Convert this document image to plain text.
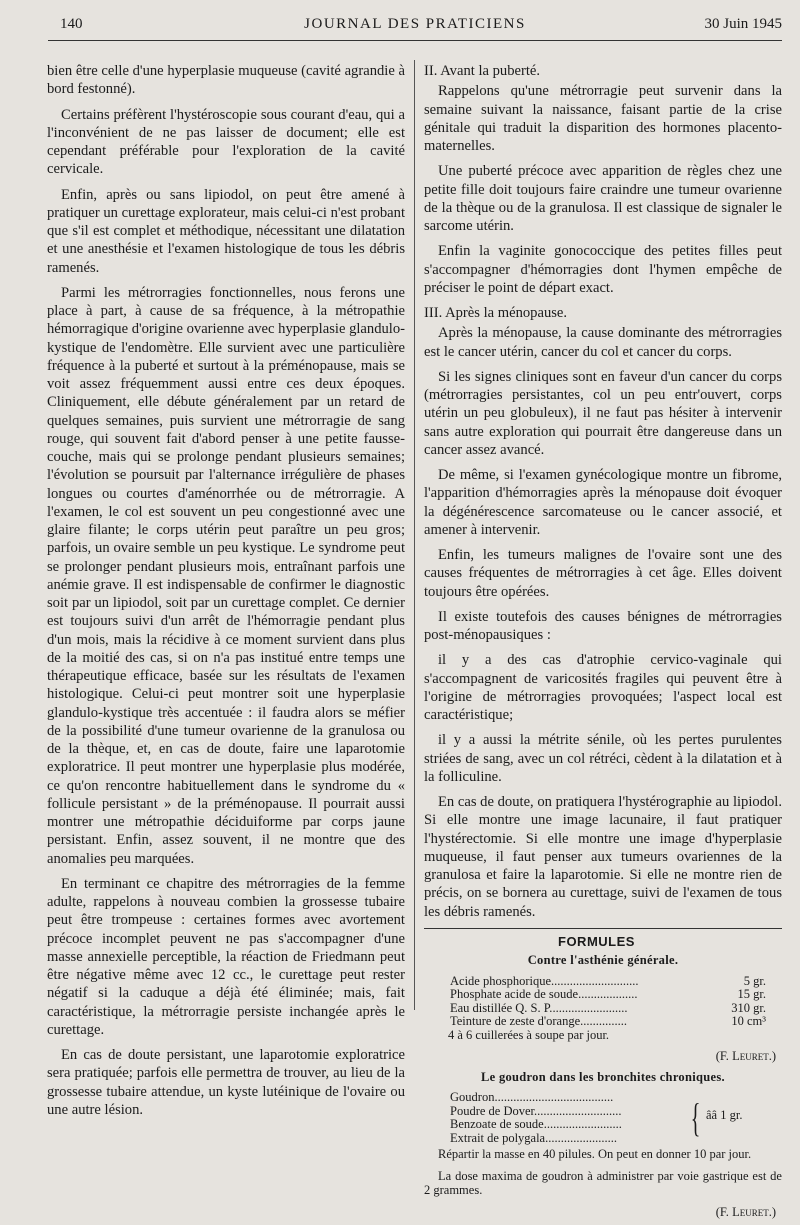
140	JOURNAL DES PRATICIENS	30 Juin 1945

bien être celle d'une hyperplasie muqueuse (cavité agrandie à bord festonné).

Certains préfèrent l'hystéroscopie sous courant d'eau, qui a l'inconvénient de ne pas laisser de document; elle est cependant préférable pour l'exploration de la cavité cervicale.

Enfin, après ou sans lipiodol, on peut être amené à pratiquer un curettage explorateur, mais celui-ci n'est probant que s'il est complet et méthodique, nécessitant une dilatation et une anesthésie et l'examen histologique de tous les débris ramenés.

Parmi les métrorragies fonctionnelles, nous ferons une place à part, à cause de sa fréquence, à la métropathie hémorragique d'origine ovarienne avec hyperplasie glandulo-kystique de l'endomètre. Elle survient avec une particulière fréquence à la puberté et surtout à la préménopause, mais se voit assez fréquemment aussi entre ces deux époques. Cliniquement, elle débute généralement par un retard de quelques semaines, puis survient une métrorragie de sang rouge, qui souvent fait d'abord penser à une petite fausse-couche, mais qui se prolonge pendant plusieurs semaines; l'évolution se poursuit par l'alternance irrégulière de phases longues ou courtes d'aménorrhée ou de métrorragie. A l'examen, le col est souvent un peu congestionné avec une glaire filante; le corps utérin peut paraître un peu gros; parfois, un ovaire semble un peu kystique. Le syndrome peut se prolonger pendant plusieurs mois, entraînant parfois une anémie grave. Il est indispensable de confirmer le diagnostic soit par un lipiodol, soit par un curettage complet. Ce dernier est toujours suivi d'un arrêt de l'hémorragie pendant plus d'un mois, mais la récidive à ce moment survient dans plus de la moitié des cas, si on n'a pas institué entre temps une thérapeutique efficace, basée sur les résultats de l'examen histologique. Celui-ci peut montrer soit une hyperplasie glandulo-kystique très accentuée : il faudra alors se méfier de la possibilité d'une tumeur ovarienne de la granulosa ou de la thèque, et, en cas de doute, faire une laparotomie exploratrice. Il peut montrer une hyperplasie plus modérée, ce qu'on rencontre habituellement dans le syndrome du « follicule persistant » de la préménopause. Il pourrait aussi montrer une métropathie déciduiforme par corps jaune persistant. Enfin, assez souvent, il ne montre que des anomalies peu marquées.

En terminant ce chapitre des métrorragies de la femme adulte, rappelons à nouveau combien la grossesse tubaire peut être trompeuse : certaines formes avec avortement précoce incomplet peuvent ne pas s'accompagner d'une masse annexielle perceptible, la réaction de Friedmann peut être négative même avec 12 cc., le curettage peut rester négatif si la caduque a déjà été éliminée; mais, fait caractéristique, la métrorragie persiste inchangée après le curettage.

En cas de doute persistant, une laparotomie exploratrice sera pratiquée; parfois elle permettra de trouver, au lieu de la grossesse tubaire attendue, un kyste lutéinique de l'ovaire ou une autre lésion.

II. Avant la puberté.

Rappelons qu'une métrorragie peut survenir dans la semaine suivant la naissance, faisant partie de la crise génitale qui traduit la disparition des hormones placento-maternelles.

Une puberté précoce avec apparition de règles chez une petite fille doit toujours faire craindre une tumeur ovarienne de la thèque ou de la granulosa. Il est classique de signaler le sarcome utérin.

Enfin la vaginite gonococcique des petites filles peut s'accompagner d'hémorragies dont l'hymen empêche de préciser le point de départ exact.

III. Après la ménopause.

Après la ménopause, la cause dominante des métrorragies est le cancer utérin, cancer du col et cancer du corps.

Si les signes cliniques sont en faveur d'un cancer du corps (métrorragies persistantes, col un peu entr'ouvert, corps utérin un peu globuleux), il ne faut pas hésiter à intervenir sans autre exploration qui pourrait être dangereuse dans un cancer assez avancé.

De même, si l'examen gynécologique montre un fibrome, l'apparition d'hémorragies après la ménopause doit évoquer la dégénérescence sarcomateuse ou le cancer associé, et amener à intervenir.

Enfin, les tumeurs malignes de l'ovaire sont une des causes fréquentes de métrorragies à cet âge. Elles doivent toujours être opérées.

Il existe toutefois des causes bénignes de métrorragies post-ménopausiques :

il y a des cas d'atrophie cervico-vaginale qui s'accompagnent de varicosités fragiles qui peuvent être à l'origine de métrorragies provoquées; l'aspect local est caractéristique;

il y a aussi la métrite sénile, où les pertes purulentes striées de sang, avec un col rétréci, cèdent à la dilatation et à la folliculine.

En cas de doute, on pratiquera l'hystérographie au lipiodol. Si elle montre une image lacunaire, il faut pratiquer l'hystérectomie. Si elle montre une image d'hyperplasie muqueuse, il faut penser aux tumeurs ovariennes de la granulosa et faire la laparotomie. Si elle ne montre rien de précis, on se bornera au curettage, suivi de l'examen de tous les débris ramenés.

FORMULES
Contre l'asthénie générale.
Acide phosphorique............................	5 gr.
Phosphate acide de soude...................	15 gr.
Eau distillée Q. S. P.........................	310 gr.
Teinture de zeste d'orange...............	10 cm³

4 à 6 cuillerées à soupe par jour.

(F. Leuret.)
Le goudron dans les bronchites chroniques.
Goudron......................................
Poudre de Dover............................
Benzoate de soude.........................
Extrait de polygala.......................	{ ââ 1 gr.

Répartir la masse en 40 pilules. On peut en donner 10 par jour.

La dose maxima de goudron à administrer par voie gastrique est de 2 grammes.

(F. Leuret.)
